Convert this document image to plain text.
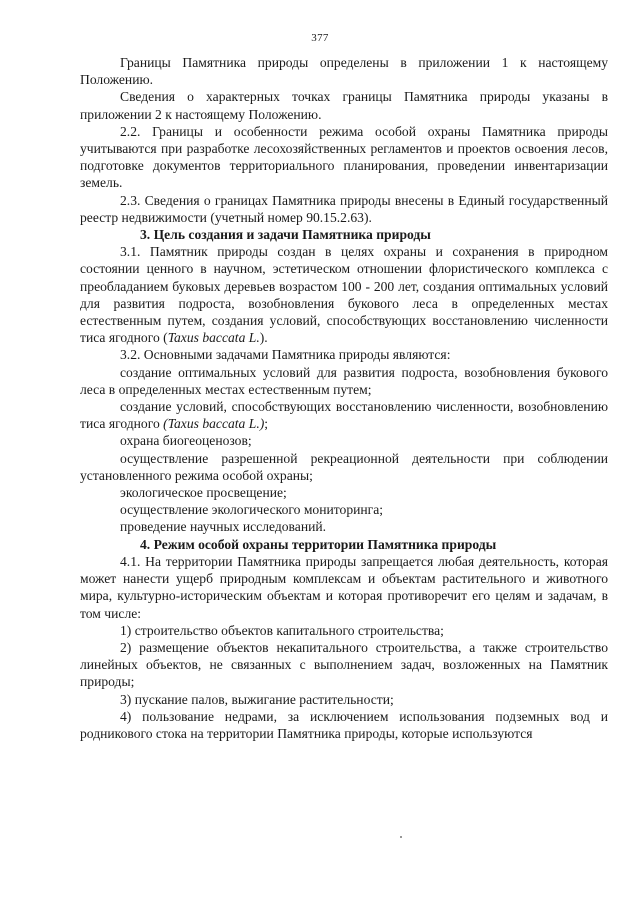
377

Границы Памятника природы определены в приложении 1 к настоящему Положению.

Сведения о характерных точках границы Памятника природы указаны в приложении 2 к настоящему Положению.

2.2. Границы и особенности режима особой охраны Памятника природы учитываются при разработке лесохозяйственных регламентов и проектов освоения лесов, подготовке документов территориального планирования, проведении инвентаризации земель.

2.3. Сведения о границах Памятника природы внесены в Единый государственный реестр недвижимости (учетный номер 90.15.2.63).

3. Цель создания и задачи Памятника природы

3.1. Памятник природы создан в целях охраны и сохранения в природном состоянии ценного в научном, эстетическом отношении флористического комплекса с преобладанием буковых деревьев возрастом 100 - 200 лет, создания оптимальных условий для развития подроста, возобновления букового леса в определенных местах естественным путем, создания условий, способствующих восстановлению численности тиса ягодного (Taxus baccata L.).

3.2. Основными задачами Памятника природы являются:

создание оптимальных условий для развития подроста, возобновления букового леса в определенных местах естественным путем;

создание условий, способствующих восстановлению численности, возобновлению тиса ягодного (Taxus baccata L.);

охрана биогеоценозов;

осуществление разрешенной рекреационной деятельности при соблюдении установленного режима особой охраны;

экологическое просвещение;

осуществление экологического мониторинга;

проведение научных исследований.

4. Режим особой охраны территории Памятника природы

4.1. На территории Памятника природы запрещается любая деятельность, которая может нанести ущерб природным комплексам и объектам растительного и животного мира, культурно-историческим объектам и которая противоречит его целям и задачам, в том числе:

1) строительство объектов капитального строительства;

2) размещение объектов некапитального строительства, а также строительство линейных объектов, не связанных с выполнением задач, возложенных на Памятник природы;

3) пускание палов, выжигание растительности;

4) пользование недрами, за исключением использования подземных вод и родникового стока на территории Памятника природы, которые используются
